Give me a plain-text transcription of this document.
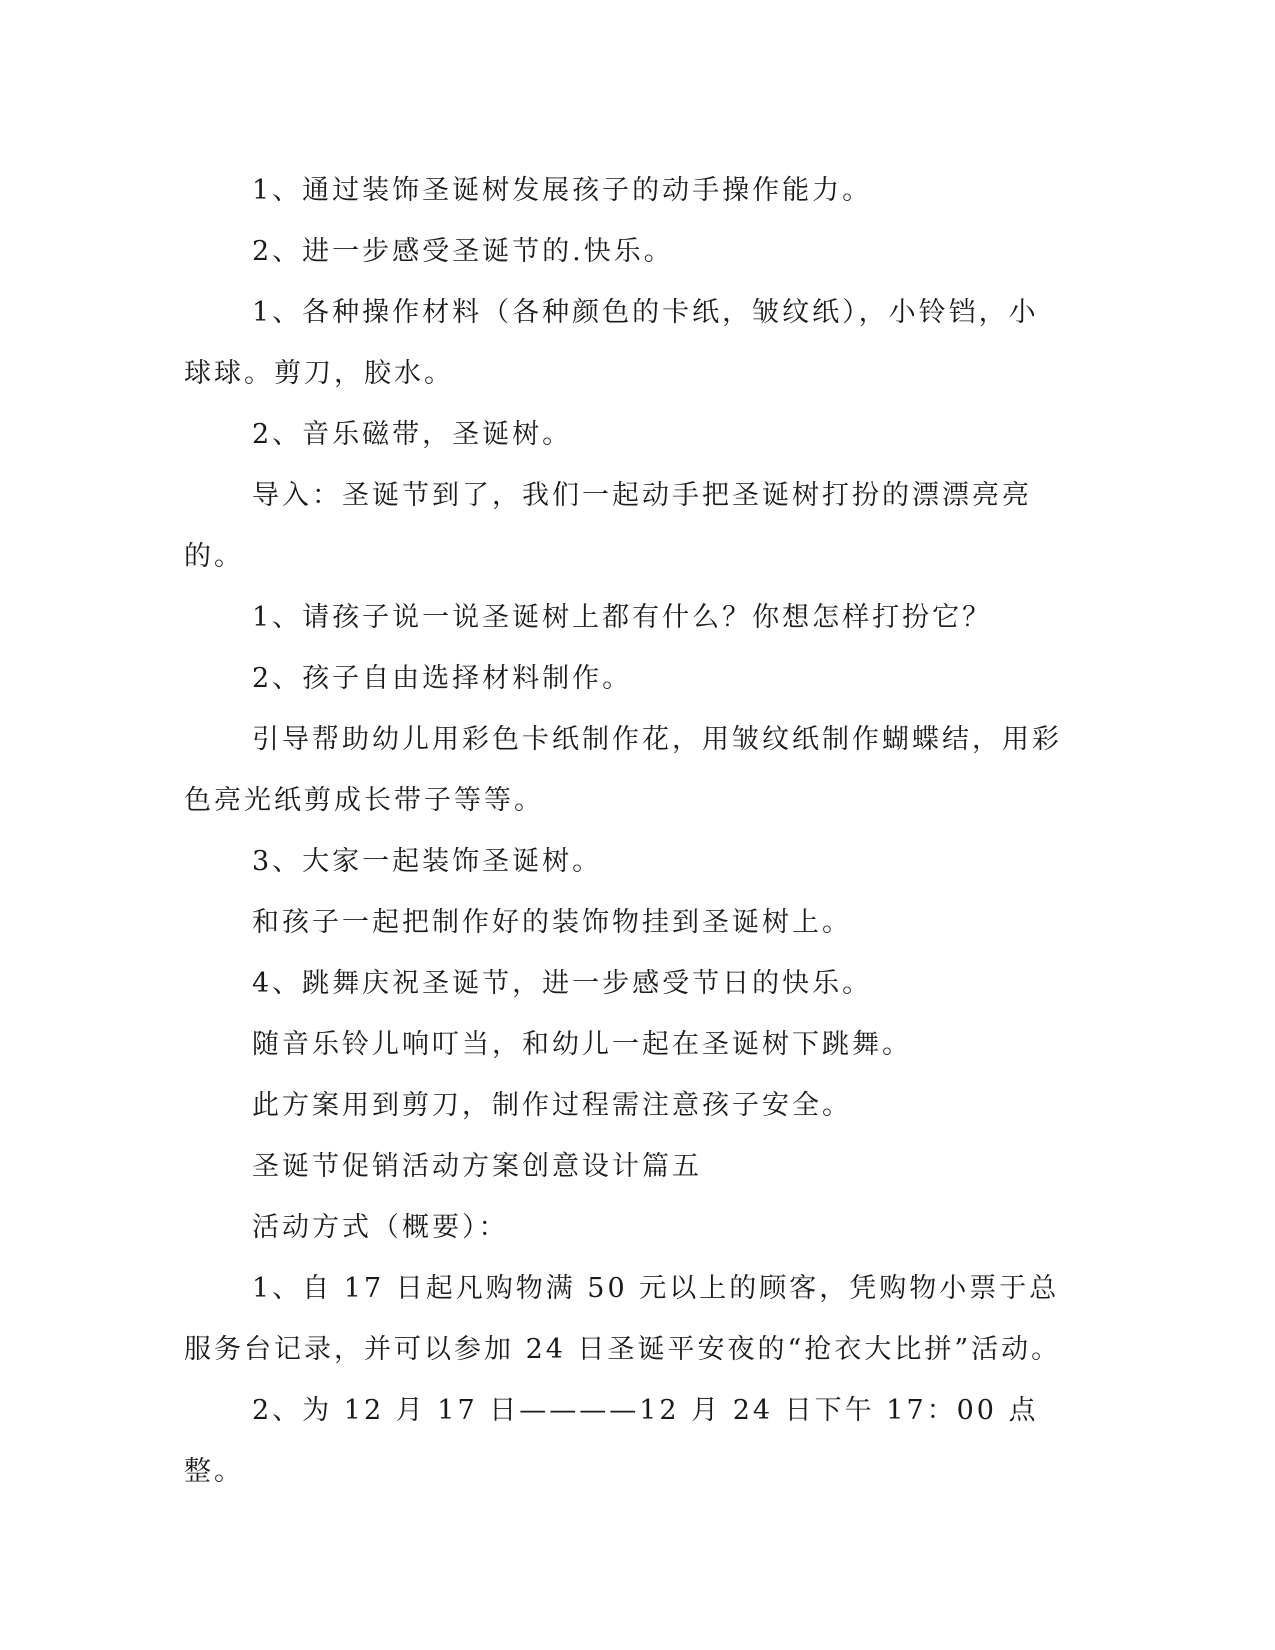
1、通过装饰圣诞树发展孩子的动手操作能力。

2、进一步感受圣诞节的.快乐。

1、各种操作材料（各种颜色的卡纸，皱纹纸），小铃铛，小球球。剪刀，胶水。

2、音乐磁带，圣诞树。

导入：圣诞节到了，我们一起动手把圣诞树打扮的漂漂亮亮的。

1、请孩子说一说圣诞树上都有什么？你想怎样打扮它？

2、孩子自由选择材料制作。

引导帮助幼儿用彩色卡纸制作花，用皱纹纸制作蝴蝶结，用彩色亮光纸剪成长带子等等。

3、大家一起装饰圣诞树。

和孩子一起把制作好的装饰物挂到圣诞树上。

4、跳舞庆祝圣诞节，进一步感受节日的快乐。

随音乐铃儿响叮当，和幼儿一起在圣诞树下跳舞。

此方案用到剪刀，制作过程需注意孩子安全。

圣诞节促销活动方案创意设计篇五

活动方式（概要）：

1、自 17 日起凡购物满 50 元以上的顾客，凭购物小票于总服务台记录，并可以参加 24 日圣诞平安夜的“抢衣大比拼”活动。

2、为 12 月 17 日————12 月 24 日下午 17：00 点整。
